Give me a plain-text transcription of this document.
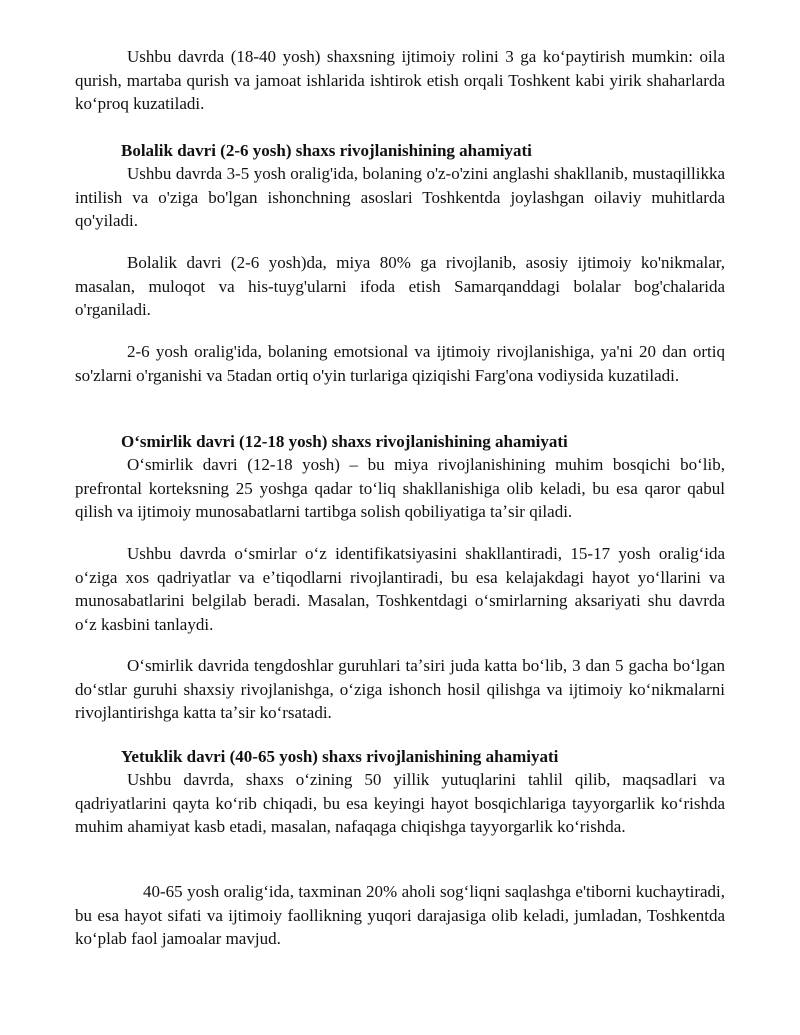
Ushbu davrda (18-40 yosh) shaxsning ijtimoiy rolini 3 ga koʻpaytirish mumkin: oila qurish, martaba qurish va jamoat ishlarida ishtirok etish orqali Toshkent kabi yirik shaharlarda koʻproq kuzatiladi.

Bolalik davri (2-6 yosh) shaxs rivojlanishining ahamiyati

Ushbu davrda 3-5 yosh oralig'ida, bolaning o'z-o'zini anglashi shakllanib, mustaqillikka intilish va o'ziga bo'lgan ishonchning asoslari Toshkentda joylashgan oilaviy muhitlarda qo'yiladi.

Bolalik davri (2-6 yosh)da, miya 80% ga rivojlanib, asosiy ijtimoiy ko'nikmalar, masalan, muloqot va his-tuyg'ularni ifoda etish Samarqanddagi bolalar bog'chalarida o'rganiladi.

2-6 yosh oralig'ida, bolaning emotsional va ijtimoiy rivojlanishiga, ya'ni 20 dan ortiq so'zlarni o'rganishi va 5tadan ortiq o'yin turlariga qiziqishi Farg'ona vodiysida kuzatiladi.

Oʻsmirlik davri (12-18 yosh) shaxs rivojlanishining ahamiyati

Oʻsmirlik davri (12-18 yosh) – bu miya rivojlanishining muhim bosqichi boʻlib, prefrontal korteksning 25 yoshga qadar toʻliq shakllanishiga olib keladi, bu esa qaror qabul qilish va ijtimoiy munosabatlarni tartibga solish qobiliyatiga taʼsir qiladi.

Ushbu davrda oʻsmirlar oʻz identifikatsiyasini shakllantiradi, 15-17 yosh oraligʻida oʻziga xos qadriyatlar va eʼtiqodlarni rivojlantiradi, bu esa kelajakdagi hayot yoʻllarini va munosabatlarini belgilab beradi. Masalan, Toshkentdagi oʻsmirlarning aksariyati shu davrda oʻz kasbini tanlaydi.

Oʻsmirlik davrida tengdoshlar guruhlari taʼsiri juda katta boʻlib, 3 dan 5 gacha boʻlgan doʻstlar guruhi shaxsiy rivojlanishga, oʻziga ishonch hosil qilishga va ijtimoiy koʻnikmalarni rivojlantirishga katta taʼsir koʻrsatadi.

Yetuklik davri (40-65 yosh) shaxs rivojlanishining ahamiyati

Ushbu davrda, shaxs oʻzining 50 yillik yutuqlarini tahlil qilib, maqsadlari va qadriyatlarini qayta koʻrib chiqadi, bu esa keyingi hayot bosqichlariga tayyorgarlik koʻrishda muhim ahamiyat kasb etadi, masalan, nafaqaga chiqishga tayyorgarlik koʻrishda.

40-65 yosh oraligʻida, taxminan 20% aholi sogʻliqni saqlashga e'tiborni kuchaytiradi, bu esa hayot sifati va ijtimoiy faollikning yuqori darajasiga olib keladi, jumladan, Toshkentda koʻplab faol jamoalar mavjud.
